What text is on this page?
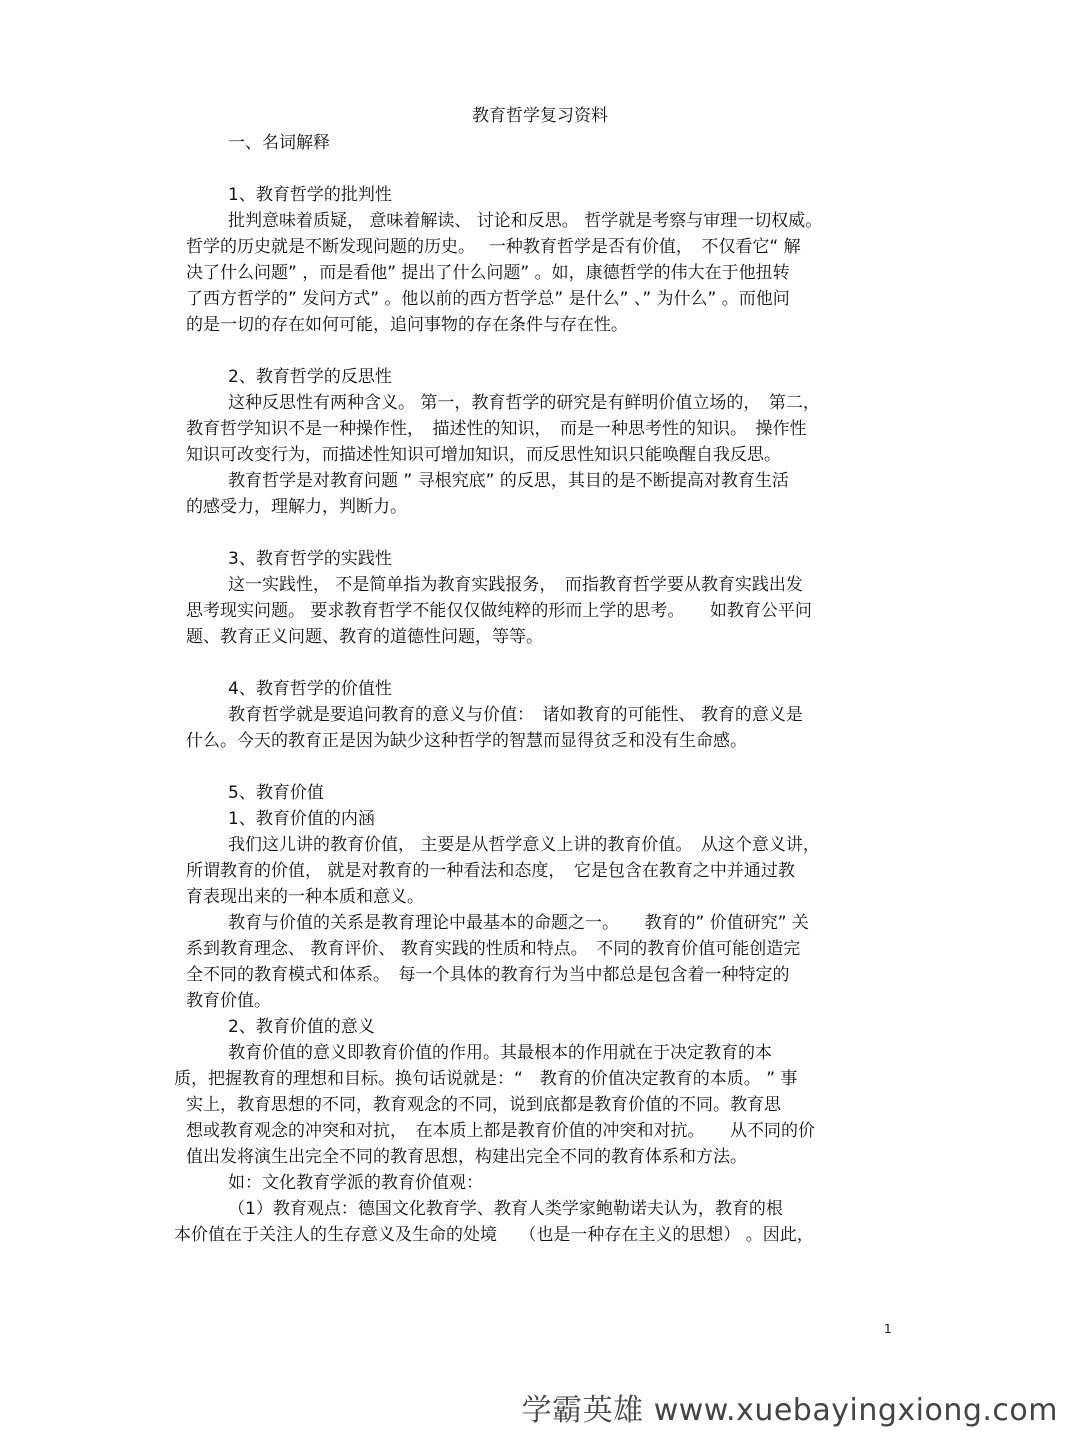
教育哲学复习资料

一、名词解释

1、教育哲学的批判性

批判意味着质疑， 意味着解读、 讨论和反思。 哲学就是考察与审理一切权威。

哲学的历史就是不断发现问题的历史。　 一种教育哲学是否有价值，　不仅看它“ 解

决了什么问题” ，而是看他” 提出了什么问题” 。如，康德哲学的伟大在于他扭转

了西方哲学的” 发问方式” 。他以前的西方哲学总” 是什么” 、” 为什么” 。而他问

的是一切的存在如何可能，追问事物的存在条件与存在性。

2、教育哲学的反思性

这种反思性有两种含义。 第一，教育哲学的研究是有鲜明价值立场的，　第二，

教育哲学知识不是一种操作性，　描述性的知识，　而是一种思考性的知识。　操作性

知识可改变行为，而描述性知识可增加知识，而反思性知识只能唤醒自我反思。

教育哲学是对教育问题 ” 寻根究底” 的反思，其目的是不断提高对教育生活

的感受力，理解力，判断力。

3、教育哲学的实践性

这一实践性， 不是简单指为教育实践报务，　而指教育哲学要从教育实践出发

思考现实问题。 要求教育哲学不能仅仅做纯粹的形而上学的思考。　　如教育公平问

题、教育正义问题、教育的道德性问题，等等。

4、教育哲学的价值性

教育哲学就是要追问教育的意义与价值：　诸如教育的可能性、 教育的意义是

什么。今天的教育正是因为缺少这种哲学的智慧而显得贫乏和没有生命感。

5、教育价值

1、教育价值的内涵

我们这儿讲的教育价值， 主要是从哲学意义上讲的教育价值。　从这个意义讲，

所谓教育的价值， 就是对教育的一种看法和态度，　它是包含在教育之中并通过教

育表现出来的一种本质和意义。

教育与价值的关系是教育理论中最基本的命题之一。　　教育的” 价值研究” 关

系到教育理念、 教育评价、 教育实践的性质和特点。　不同的教育价值可能创造完

全不同的教育模式和体系。　每一个具体的教育行为当中都总是包含着一种特定的

教育价值。

2、教育价值的意义

教育价值的意义即教育价值的作用。其最根本的作用就在于决定教育的本

质，把握教育的理想和目标。换句话说就是：“　教育的价值决定教育的本质。 ” 事

实上，教育思想的不同，教育观念的不同，说到底都是教育价值的不同。教育思

想或教育观念的冲突和对抗，　在本质上都是教育价值的冲突和对抗。　　从不同的价

值出发将演生出完全不同的教育思想，构建出完全不同的教育体系和方法。

如：文化教育学派的教育价值观：

（1）教育观点：德国文化教育学、教育人类学家鲍勒诺夫认为，教育的根

本价值在于关注人的生存意义及生命的处境　 （也是一种存在主义的思想） 。因此，

1
学霸英雄 www.xuebayingxiong.com
